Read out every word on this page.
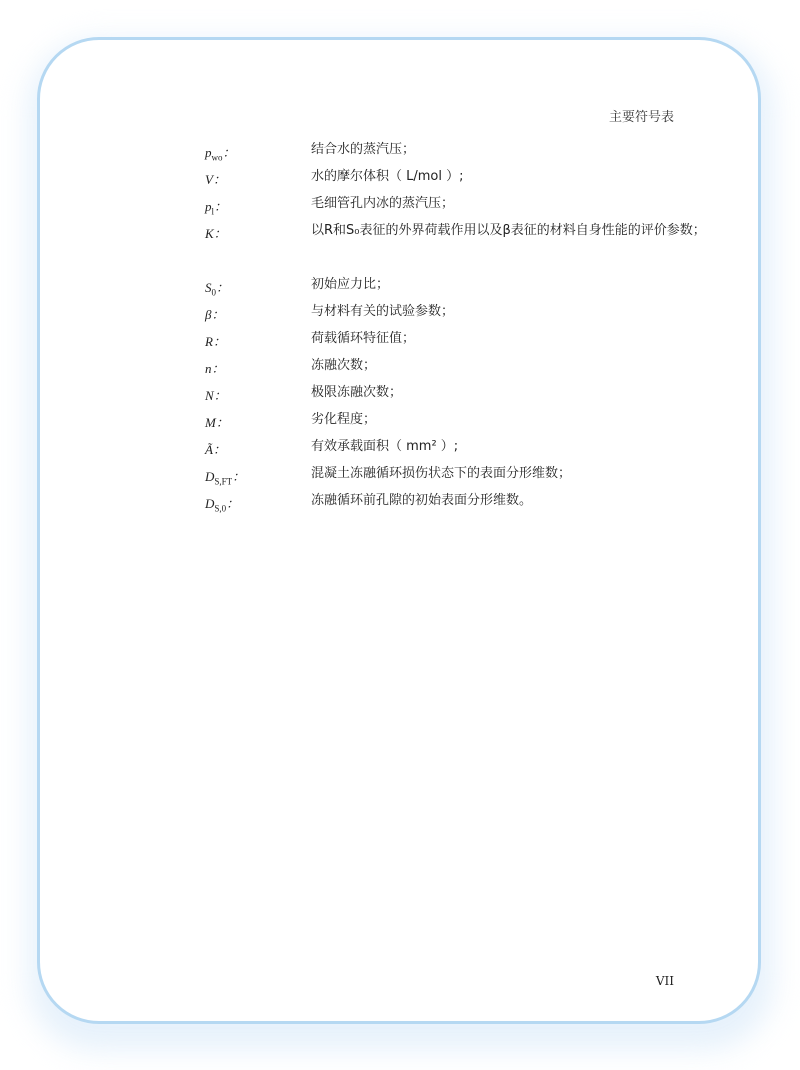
主要符号表
$p_{wo}$：	结合水的蒸汽压；
V：	水的摩尔体积（ L/mol ）;
$p_l$：	毛细管孔内冰的蒸汽压；
K：	以R和S₀表征的外界荷载作用以及β表征的材料自身性能的评价参数；
$S_0$：	初始应力比；
β：	与材料有关的试验参数；
R：	荷载循环特征值；
n：	冻融次数；
N：	极限冻融次数；
M：	劣化程度；
Ã：	有效承载面积（ mm² ）;
$D_{S,FT}$：	混凝土冻融循环损伤状态下的表面分形维数；
$D_{S,0}$：	冻融循环前孔隙的初始表面分形维数。
VII
